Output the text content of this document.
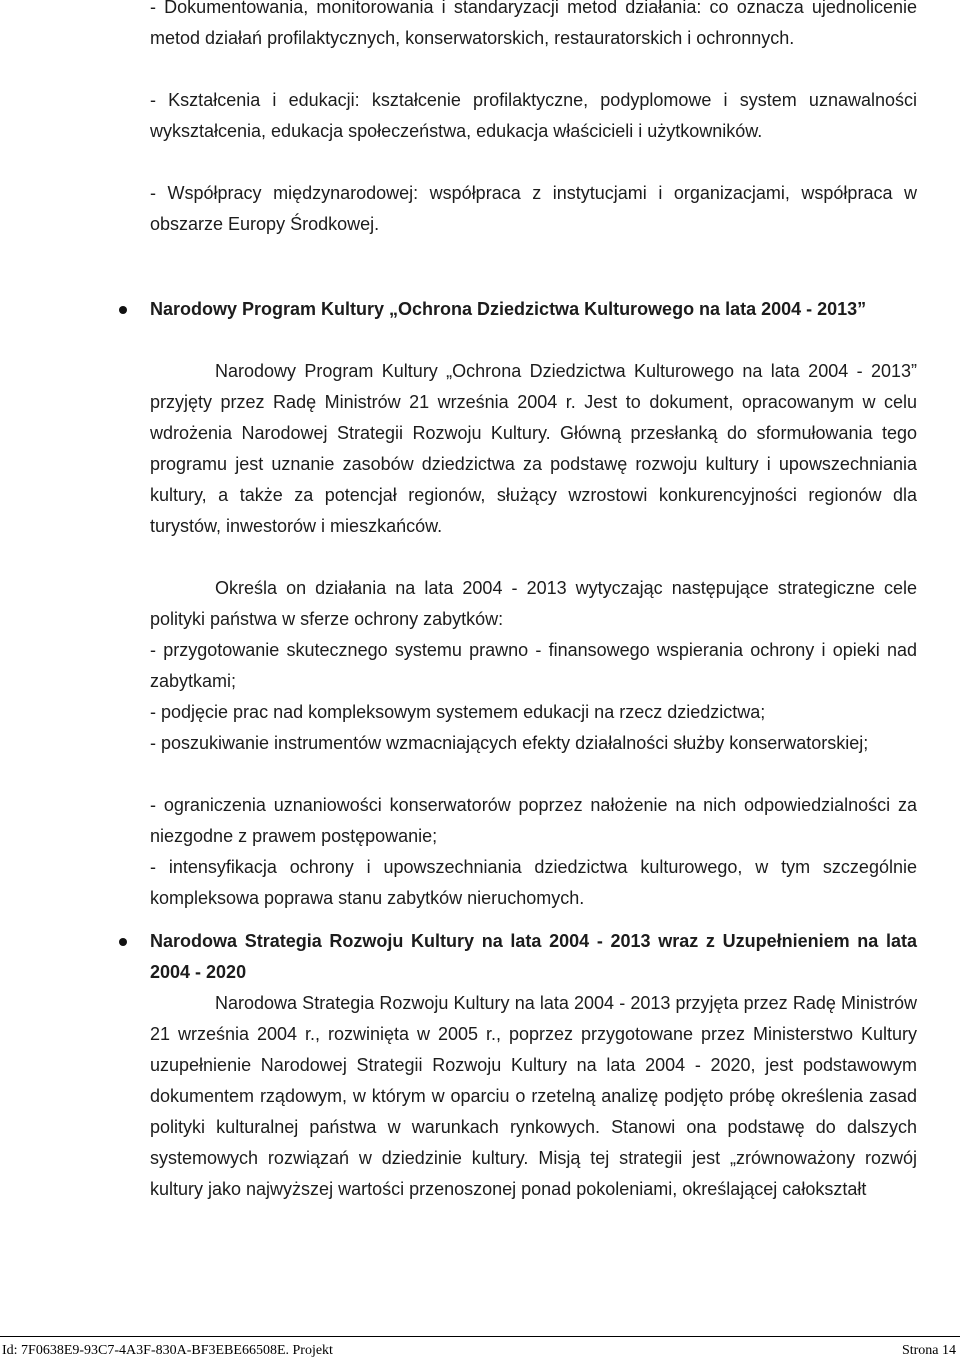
- Dokumentowania, monitorowania i standaryzacji metod działania: co oznacza ujednolicenie metod działań profilaktycznych, konserwatorskich, restauratorskich i ochronnych.

- Kształcenia i edukacji: kształcenie profilaktyczne, podyplomowe i system uznawalności wykształcenia, edukacja społeczeństwa, edukacja właścicieli i użytkowników.

- Współpracy międzynarodowej: współpraca z instytucjami i organizacjami, współpraca w obszarze Europy Środkowej.

Narodowy Program Kultury „Ochrona Dziedzictwa Kulturowego na lata 2004 - 2013”

Narodowy Program Kultury „Ochrona Dziedzictwa Kulturowego na lata 2004 - 2013” przyjęty przez Radę Ministrów 21 września 2004 r. Jest to dokument, opracowanym w celu wdrożenia Narodowej Strategii Rozwoju Kultury. Główną przesłanką do sformułowania tego programu jest uznanie zasobów dziedzictwa za podstawę rozwoju kultury i upowszechniania kultury, a także za potencjał regionów, służący wzrostowi konkurencyjności regionów dla turystów, inwestorów i mieszkańców.

Określa on działania na lata 2004 - 2013 wytyczając następujące strategiczne cele polityki państwa w sferze ochrony zabytków:

- przygotowanie skutecznego systemu prawno - finansowego wspierania ochrony i opieki nad zabytkami;

- podjęcie prac nad kompleksowym systemem edukacji na rzecz dziedzictwa;

- poszukiwanie instrumentów wzmacniających efekty działalności służby konserwatorskiej;

- ograniczenia uznaniowości konserwatorów poprzez nałożenie na nich odpowiedzialności za niezgodne z prawem postępowanie;

- intensyfikacja ochrony i upowszechniania dziedzictwa kulturowego, w tym szczególnie kompleksowa poprawa stanu zabytków nieruchomych.

Narodowa Strategia Rozwoju Kultury na lata 2004 - 2013 wraz z Uzupełnieniem na lata 2004 - 2020

Narodowa Strategia Rozwoju Kultury na lata 2004 - 2013 przyjęta przez Radę Ministrów 21 września 2004 r., rozwinięta w 2005 r., poprzez przygotowane przez Ministerstwo Kultury uzupełnienie Narodowej Strategii Rozwoju Kultury na lata 2004 - 2020, jest podstawowym dokumentem rządowym, w którym w oparciu o rzetelną analizę podjęto próbę określenia zasad polityki kulturalnej państwa w warunkach rynkowych. Stanowi ona podstawę do dalszych systemowych rozwiązań w dziedzinie kultury. Misją tej strategii jest „zrównoważony rozwój kultury jako najwyższej wartości przenoszonej ponad pokoleniami, określającej całokształt

Id: 7F0638E9-93C7-4A3F-830A-BF3EBE66508E. Projekt	Strona 14
